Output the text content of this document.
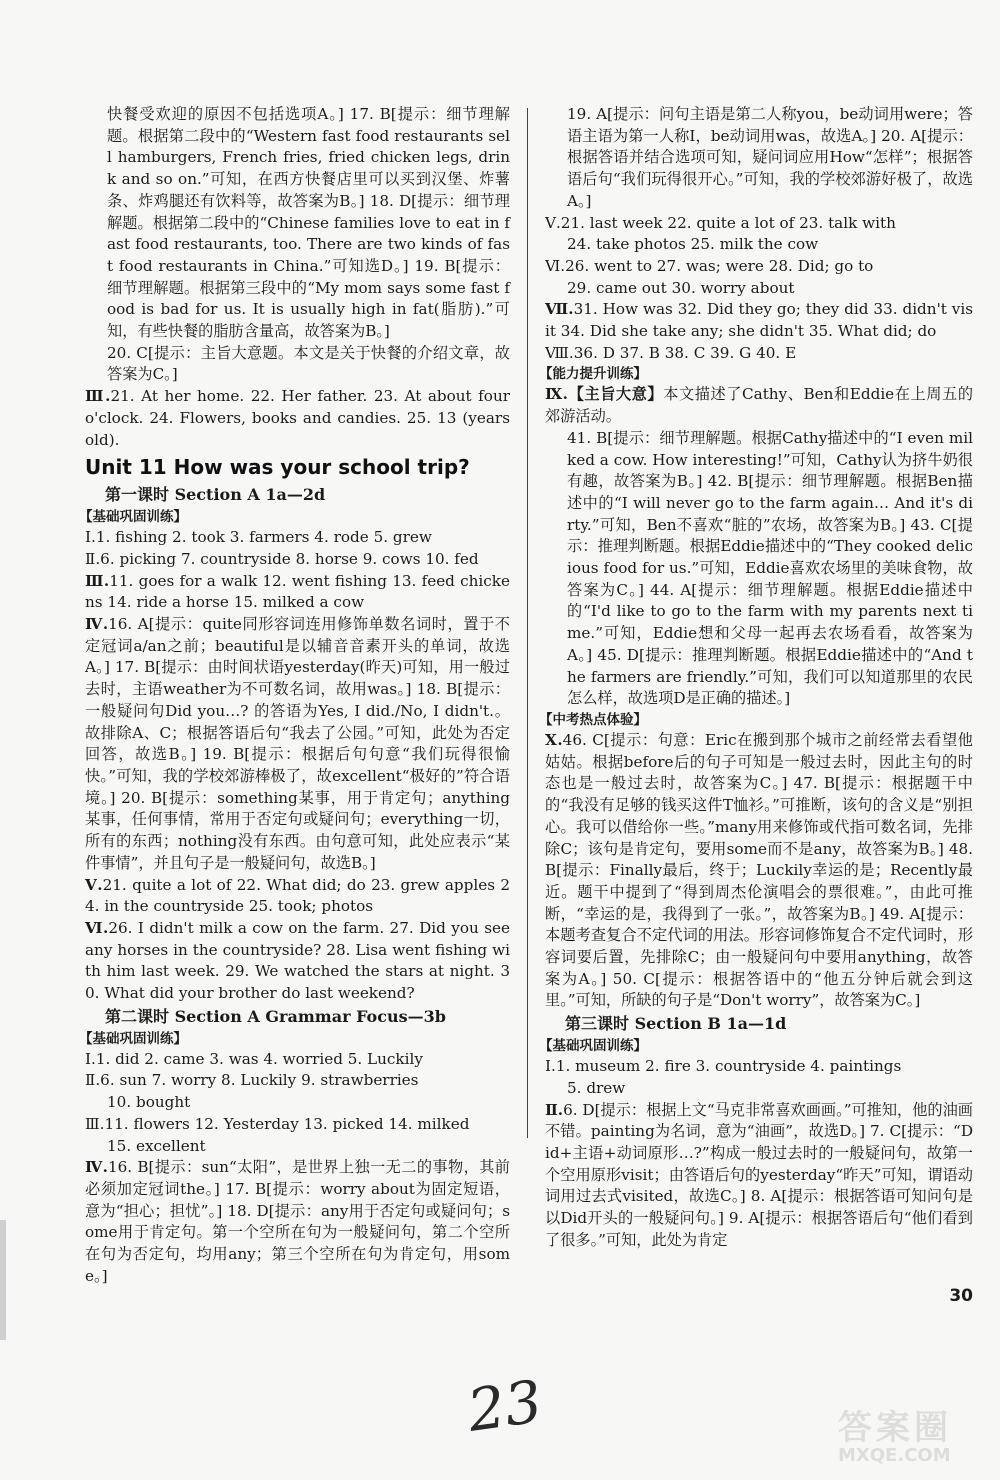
快餐受欢迎的原因不包括选项A。] 17. B[提示：细节理解题。根据第二段中的“Western fast food restaurants sell hamburgers, French fries, fried chicken legs, drink and so on.”可知，在西方快餐店里可以买到汉堡、炸薯条、炸鸡腿还有饮料等，故答案为B。] 18. D[提示：细节理解题。根据第二段中的“Chinese families love to eat in fast food restaurants, too. There are two kinds of fast food restaurants in China.”可知选D。] 19. B[提示：细节理解题。根据第三段中的“My mom says some fast food is bad for us. It is usually high in fat(脂肪).”可知，有些快餐的脂肪含量高，故答案为B。]
20. C[提示：主旨大意题。本文是关于快餐的介绍文章，故答案为C。]
Ⅲ.21. At her home. 22. Her father. 23. At about four o'clock. 24. Flowers, books and candies. 25. 13 (years old).
Unit 11 How was your school trip?
第一课时 Section A 1a—2d
【基础巩固训练】
Ⅰ.1. fishing 2. took 3. farmers 4. rode 5. grew
Ⅱ.6. picking 7. countryside 8. horse 9. cows 10. fed
Ⅲ.11. goes for a walk 12. went fishing 13. feed chickens 14. ride a horse 15. milked a cow
Ⅳ.16. A[提示：quite同形容词连用修饰单数名词时，置于不定冠词a/an之前；beautiful是以辅音音素开头的单词，故选A。] 17. B[提示：由时间状语yesterday(昨天)可知，用一般过去时，主语weather为不可数名词，故用was。] 18. B[提示：一般疑问句Did you…? 的答语为Yes, I did./No, I didn't.。故排除A、C；根据答语后句“我去了公园。”可知，此处为否定回答，故选B。] 19. B[提示：根据后句句意“我们玩得很愉快。”可知，我的学校郊游棒极了，故excellent“极好的”符合语境。] 20. B[提示：something某事，用于肯定句；anything某事，任何事情，常用于否定句或疑问句；everything一切，所有的东西；nothing没有东西。由句意可知，此处应表示“某件事情”，并且句子是一般疑问句，故选B。]
Ⅴ.21. quite a lot of 22. What did; do 23. grew apples 24. in the countryside 25. took; photos
Ⅵ.26. I didn't milk a cow on the farm. 27. Did you see any horses in the countryside? 28. Lisa went fishing with him last week. 29. We watched the stars at night. 30. What did your brother do last weekend?
第二课时 Section A Grammar Focus—3b
【基础巩固训练】
Ⅰ.1. did 2. came 3. was 4. worried 5. Luckily
Ⅱ.6. sun 7. worry 8. Luckily 9. strawberries
10. bought
Ⅲ.11. flowers 12. Yesterday 13. picked 14. milked
15. excellent
Ⅳ.16. B[提示：sun“太阳”，是世界上独一无二的事物，其前必须加定冠词the。] 17. B[提示：worry about为固定短语，意为“担心；担忧”。] 18. D[提示：any用于否定句或疑问句；some用于肯定句。第一个空所在句为一般疑问句，第二个空所在句为否定句，均用any；第三个空所在句为肯定句，用some。]
19. A[提示：问句主语是第二人称you，be动词用were；答语主语为第一人称I，be动词用was，故选A。] 20. A[提示：根据答语并结合选项可知，疑问词应用How“怎样”；根据答语后句“我们玩得很开心。”可知，我的学校郊游好极了，故选A。]
Ⅴ.21. last week 22. quite a lot of 23. talk with
24. take photos 25. milk the cow
Ⅵ.26. went to 27. was; were 28. Did; go to
29. came out 30. worry about
Ⅶ.31. How was 32. Did they go; they did 33. didn't visit 34. Did she take any; she didn't 35. What did; do
Ⅷ.36. D 37. B 38. C 39. G 40. E
【能力提升训练】
Ⅸ.【主旨大意】本文描述了Cathy、Ben和Eddie在上周五的郊游活动。
41. B[提示：细节理解题。根据Cathy描述中的“I even milked a cow. How interesting!”可知，Cathy认为挤牛奶很有趣，故答案为B。] 42. B[提示：细节理解题。根据Ben描述中的“I will never go to the farm again… And it's dirty.”可知，Ben不喜欢“脏的”农场，故答案为B。] 43. C[提示：推理判断题。根据Eddie描述中的“They cooked delicious food for us.”可知，Eddie喜欢农场里的美味食物，故答案为C。] 44. A[提示：细节理解题。根据Eddie描述中的“I'd like to go to the farm with my parents next time.”可知，Eddie想和父母一起再去农场看看，故答案为A。] 45. D[提示：推理判断题。根据Eddie描述中的“And the farmers are friendly.”可知，我们可以知道那里的农民怎么样，故选项D是正确的描述。]
【中考热点体验】
Ⅹ.46. C[提示：句意：Eric在搬到那个城市之前经常去看望他姑姑。根据before后的句子可知是一般过去时，因此主句的时态也是一般过去时，故答案为C。] 47. B[提示：根据题干中的“我没有足够的钱买这件T恤衫。”可推断，该句的含义是“别担心。我可以借给你一些。”many用来修饰或代指可数名词，先排除C；该句是肯定句，要用some而不是any，故答案为B。] 48. B[提示：Finally最后，终于；Luckily幸运的是；Recently最近。题干中提到了“得到周杰伦演唱会的票很难。”，由此可推断，“幸运的是，我得到了一张。”，故答案为B。] 49. A[提示：本题考查复合不定代词的用法。形容词修饰复合不定代词时，形容词要后置，先排除C；由一般疑问句中要用anything，故答案为A。] 50. C[提示：根据答语中的“他五分钟后就会到这里。”可知，所缺的句子是“Don't worry”，故答案为C。]
第三课时 Section B 1a—1d
【基础巩固训练】
Ⅰ.1. museum 2. fire 3. countryside 4. paintings
5. drew
Ⅱ.6. D[提示：根据上文“马克非常喜欢画画。”可推知，他的油画不错。painting为名词，意为“油画”，故选D。] 7. C[提示：“Did+主语+动词原形…?”构成一般过去时的一般疑问句，故第一个空用原形visit；由答语后句的yesterday“昨天”可知，谓语动词用过去式visited，故选C。] 8. A[提示：根据答语可知问句是以Did开头的一般疑问句。] 9. A[提示：根据答语后句“他们看到了很多。”可知，此处为肯定
30
23	答案圈
MXQE.COM
